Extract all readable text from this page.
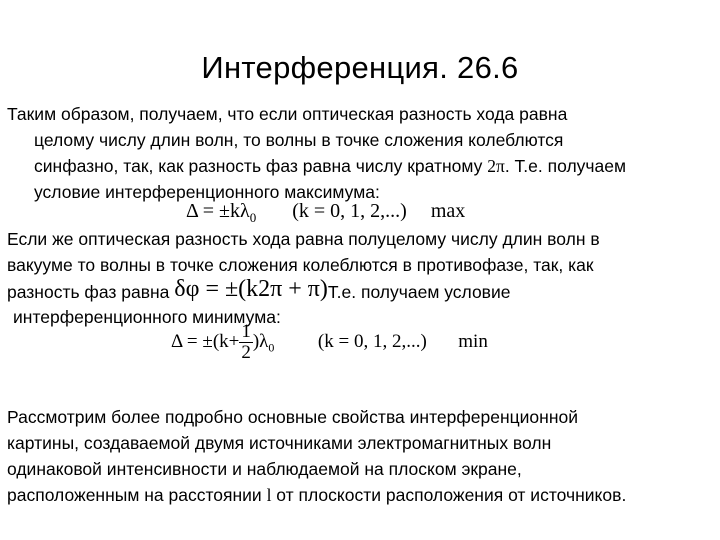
Интерференция. 26.6
Таким образом, получаем, что если оптическая разность хода равна
целому числу длин волн, то волны в точке сложения колеблются
синфазно, так, как разность фаз равна числу кратному 2π. Т.е. получаем
условие интерференционного максимума:
$\Delta = \pm k\lambda_0$ (k = 0, 1, 2,...) max
Если же оптическая разность хода равна полуцелому числу длин волн в
вакууме то волны в точке сложения колеблются в противофазе, так, как
разность фаз равна δφ = ±(k2π + π)Т.е. получаем условие
интерференционного минимума:
$\Delta = \pm(k+ \frac{1}{2} )\lambda_0$ (k = 0, 1, 2,...) min
Рассмотрим более подробно основные свойства интерференционной
картины, создаваемой двумя источниками электромагнитных волн
одинаковой интенсивности и наблюдаемой на плоском экране,
расположенным на расстоянии l от плоскости расположения от источников.
